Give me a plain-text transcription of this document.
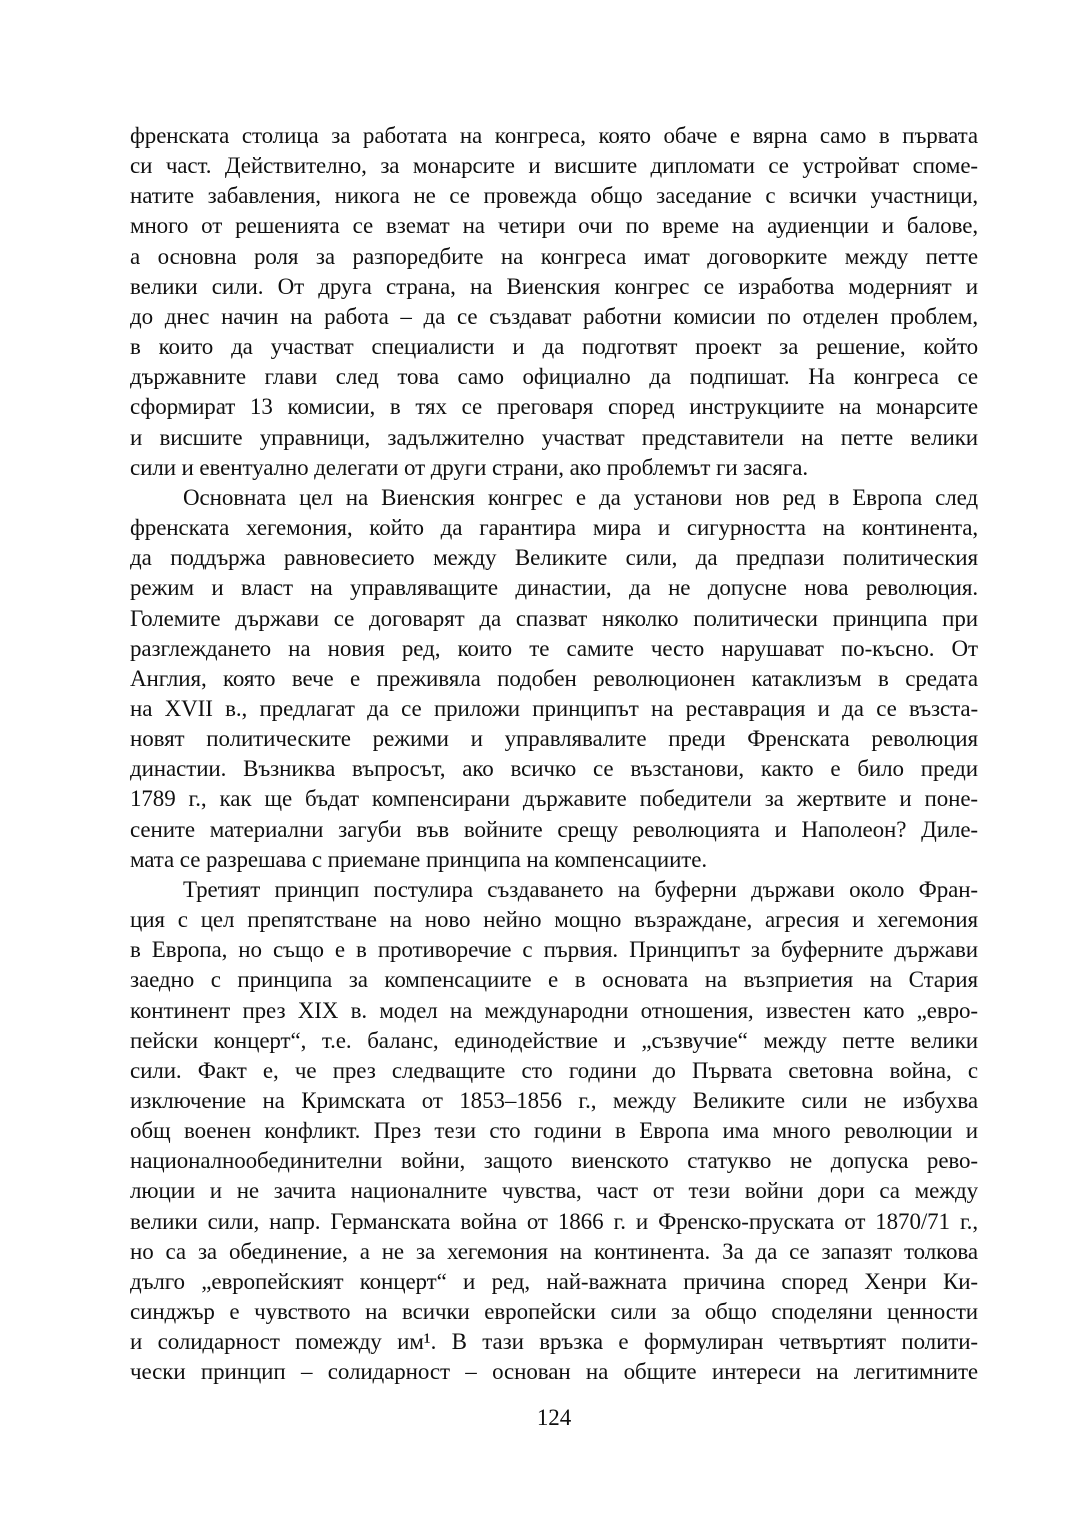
френската столица за работата на конгреса, която обаче е вярна само в първата
си част. Действително, за монарсите и висшите дипломати се устройват споме-
натите забавления, никога не се провежда общо заседание с всички участници,
много от решенията се вземат на четири очи по време на аудиенции и балове,
а основна роля за разпоредбите на конгреса имат договорките между петте
велики сили. От друга страна, на Виенския конгрес се изработва модерният и
до днес начин на работа – да се създават работни комисии по отделен проблем,
в които да участват специалисти и да подготвят проект за решение, който
държавните глави след това само официално да подпишат. На конгреса се
сформират 13 комисии, в тях се преговаря според инструкциите на монарсите
и висшите управници, задължително участват представители на петте велики
сили и евентуално делегати от други страни, ако проблемът ги засяга.
Основната цел на Виенския конгрес е да установи нов ред в Европа след
френската хегемония, който да гарантира мира и сигурността на континента,
да поддържа равновесието между Великите сили, да предпази политическия
режим и власт на управляващите династии, да не допусне нова революция.
Големите държави се договарят да спазват няколко политически принципа при
разглеждането на новия ред, които те самите често нарушават по-късно. От
Англия, която вече е преживяла подобен революционен катаклизъм в средата
на XVII в., предлагат да се приложи принципът на реставрация и да се възста-
новят политическите режими и управлявалите преди Френската революция
династии. Възниква въпросът, ако всичко се възстанови, както е било преди
1789 г., как ще бъдат компенсирани държавите победители за жертвите и поне-
сените материални загуби във войните срещу революцията и Наполеон? Диле-
мата се разрешава с приемане принципа на компенсациите.
Третият принцип постулира създаването на буферни държави около Фран-
ция с цел препятстване на ново нейно мощно възраждане, агресия и хегемония
в Европа, но също е в противоречие с първия. Принципът за буферните държави
заедно с принципа за компенсациите е в основата на възприетия на Стария
континент през XIX в. модел на международни отношения, известен като „евро-
пейски концерт“, т.е. баланс, единодействие и „съзвучие“ между петте велики
сили. Факт е, че през следващите сто години до Първата световна война, с
изключение на Кримската от 1853–1856 г., между Великите сили не избухва
общ военен конфликт. През тези сто години в Европа има много революции и
националнообединителни войни, защото виенското статукво не допуска рево-
люции и не зачита националните чувства, част от тези войни дори са между
велики сили, напр. Германската война от 1866 г. и Френско-пруската от 1870/71 г.,
но са за обединение, а не за хегемония на континента. За да се запазят толкова
дълго „европейският концерт“ и ред, най-важната причина според Хенри Ки-
синджър е чувството на всички европейски сили за общо споделяни ценности
и солидарност помежду им¹. В тази връзка е формулиран четвъртият полити-
чески принцип – солидарност – основан на общите интереси на легитимните
124
